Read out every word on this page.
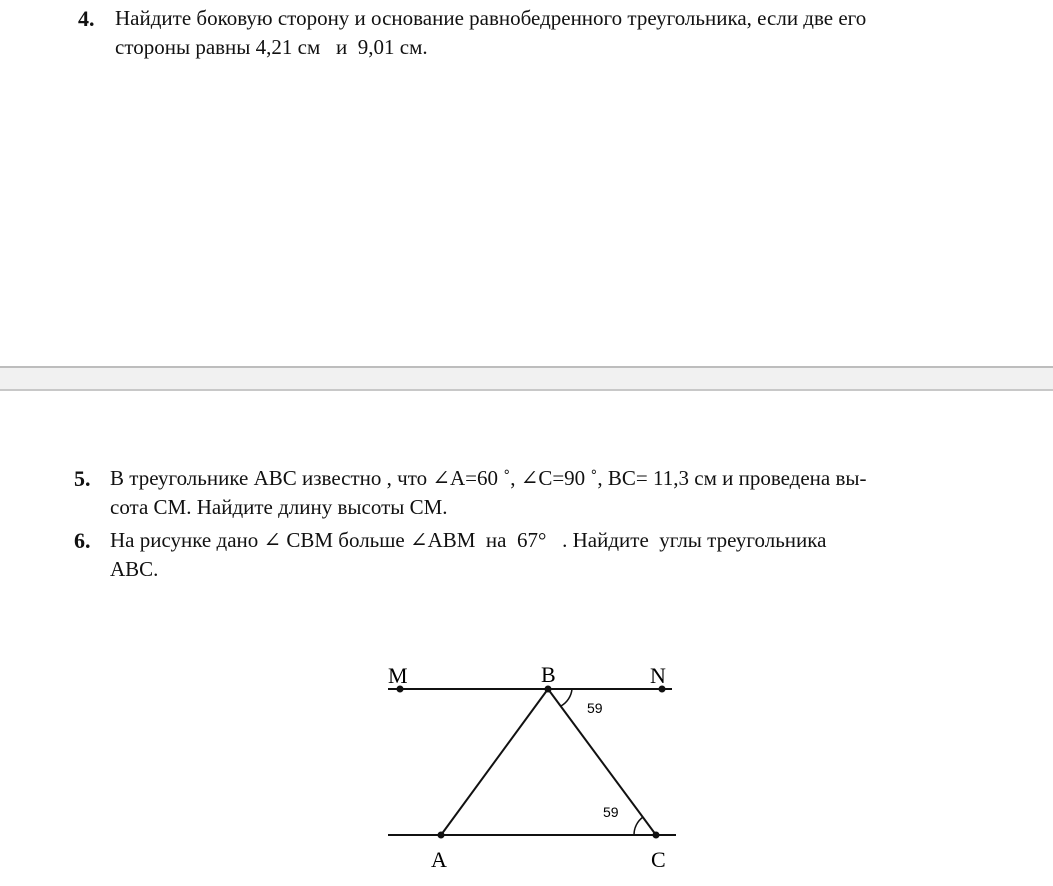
4. Найдите боковую сторону и основание равнобедренного треугольника, если две его
стороны равны 4,21 см   и  9,01 см.
5. В треугольнике АВС известно , что ∠A=60 ˚, ∠C=90 ˚, BC= 11,3 см и проведена вы-
сота СМ. Найдите длину высоты СМ.
6. На рисунке дано ∠ CBM больше ∠ABM  на  67°   . Найдите  углы треугольника
ABC.
M	B	N
A	C
59
59
